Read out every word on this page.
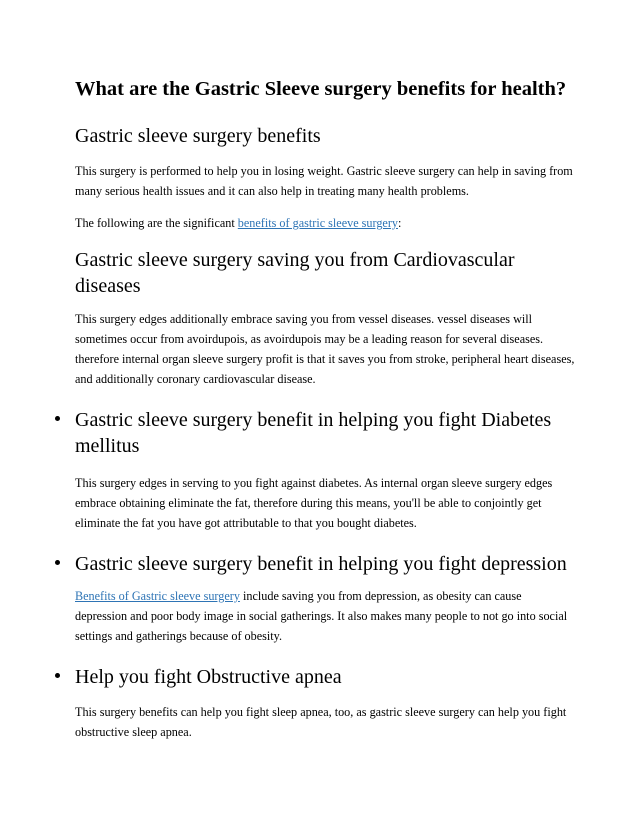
What are the Gastric Sleeve surgery benefits for health?
Gastric sleeve surgery benefits

This surgery is performed to help you in losing weight. Gastric sleeve surgery can help in saving from many serious health issues and it can also help in treating many health problems.

The following are the significant benefits of gastric sleeve surgery:

Gastric sleeve surgery saving you from Cardiovascular diseases

This surgery edges additionally embrace saving you from vessel diseases. vessel diseases will sometimes occur from avoirdupois, as avoirdupois may be a leading reason for several diseases. therefore internal organ sleeve surgery profit is that it saves you from stroke, peripheral heart diseases, and additionally coronary cardiovascular disease.

Gastric sleeve surgery benefit in helping you fight Diabetes mellitus

This surgery edges in serving to you fight against diabetes. As internal organ sleeve surgery edges embrace obtaining eliminate the fat, therefore during this means, you'll be able to conjointly get eliminate the fat you have got attributable to that you bought diabetes.

Gastric sleeve surgery benefit in helping you fight depression

Benefits of Gastric sleeve surgery include saving you from depression, as obesity can cause depression and poor body image in social gatherings. It also makes many people to not go into social settings and gatherings because of obesity.

Help you fight Obstructive apnea

This surgery benefits can help you fight sleep apnea, too, as gastric sleeve surgery can help you fight obstructive sleep apnea.
